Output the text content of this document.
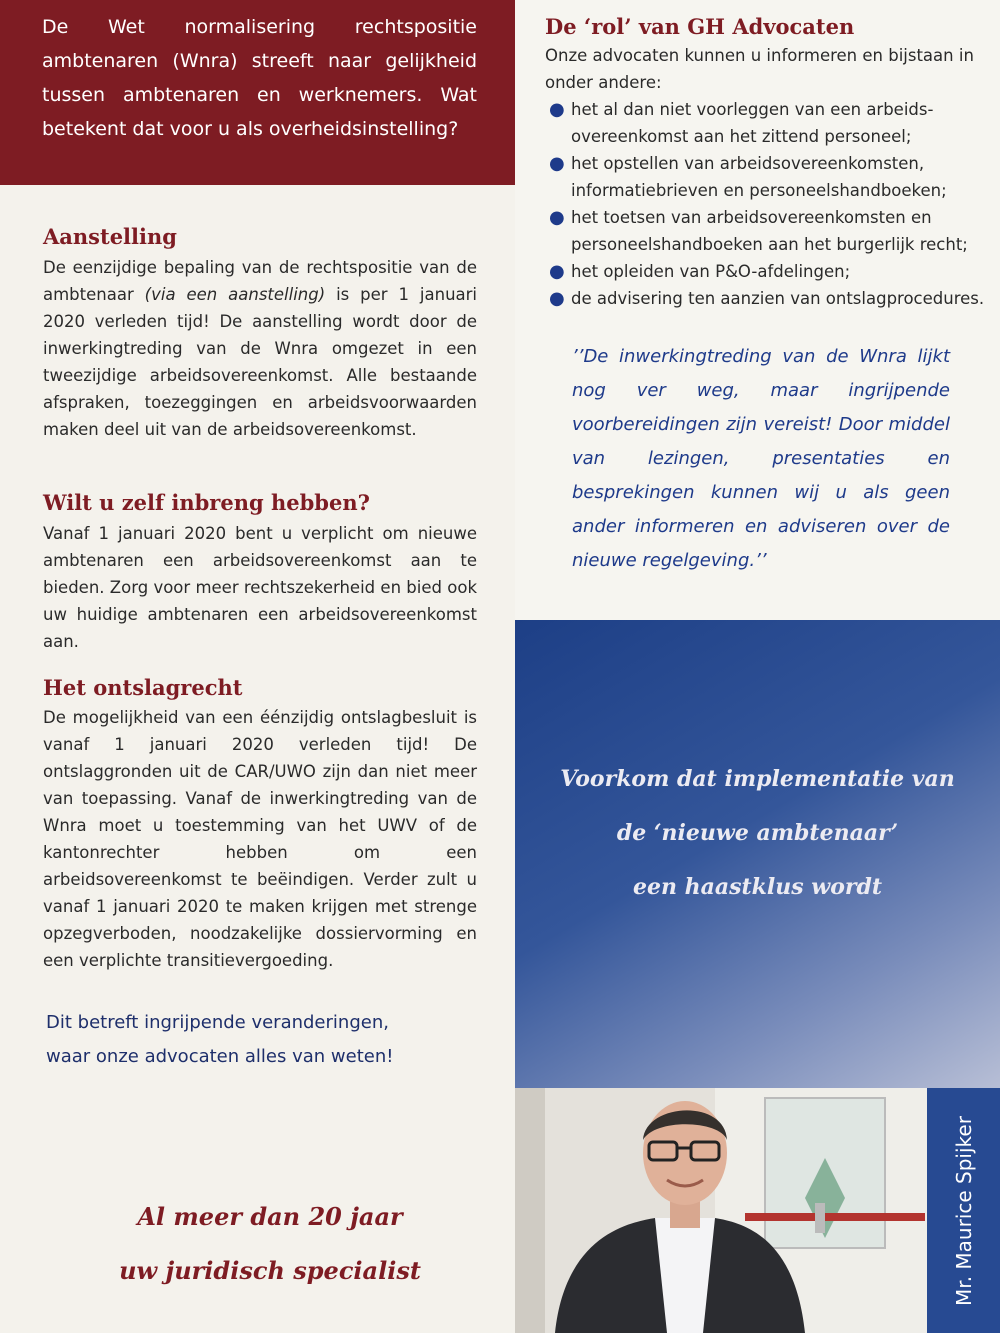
De Wet normalisering rechtspositie ambtenaren (Wnra) streeft naar gelijkheid tussen ambtenaren en werknemers. Wat betekent dat voor u als overheidsinstelling?
Aanstelling
De eenzijdige bepaling van de rechtspositie van de ambtenaar (via een aanstelling) is per 1 januari 2020 verleden tijd! De aanstelling wordt door de inwerkingtreding van de Wnra omgezet in een tweezijdige arbeidsovereenkomst. Alle bestaande afspraken, toezeggingen en arbeidsvoorwaarden maken deel uit van de arbeidsovereenkomst.
Wilt u zelf inbreng hebben?
Vanaf 1 januari 2020 bent u verplicht om nieuwe ambtenaren een arbeidsovereenkomst aan te bieden. Zorg voor meer rechtszekerheid en bied ook uw huidige ambtenaren een arbeidsovereenkomst aan.
Het ontslagrecht
De mogelijkheid van een éénzijdig ontslagbesluit is vanaf 1 januari 2020 verleden tijd! De ontslaggronden uit de CAR/UWO zijn dan niet meer van toepassing. Vanaf de inwerkingtreding van de Wnra moet u toestemming van het UWV of de kantonrechter hebben om een arbeidsovereenkomst te beëindigen. Verder zult u vanaf 1 januari 2020 te maken krijgen met strenge opzegverboden, noodzakelijke dossiervorming en een verplichte transitievergoeding.
Dit betreft ingrijpende veranderingen,
waar onze advocaten alles van weten!
Al meer dan 20 jaar
uw juridisch specialist
De ‘rol’ van GH Advocaten
Onze advocaten kunnen u informeren en bijstaan in onder andere:
● het al dan niet voorleggen van een arbeids-overeenkomst aan het zittend personeel;
● het opstellen van arbeidsovereenkomsten, informatiebrieven en personeelshandboeken;
● het toetsen van arbeidsovereenkomsten en personeelshandboeken aan het burgerlijk recht;
● het opleiden van P&O-afdelingen;
● de advisering ten aanzien van ontslagprocedures.
’’De inwerkingtreding van de Wnra lijkt nog ver weg, maar ingrijpende voorbereidingen zijn vereist! Door middel van lezingen, presentaties en besprekingen kunnen wij u als geen ander informeren en adviseren over de nieuwe regelgeving.’’
Voorkom dat implementatie van
de ‘nieuwe ambtenaar’
een haastklus wordt
Mr. Maurice Spijker
